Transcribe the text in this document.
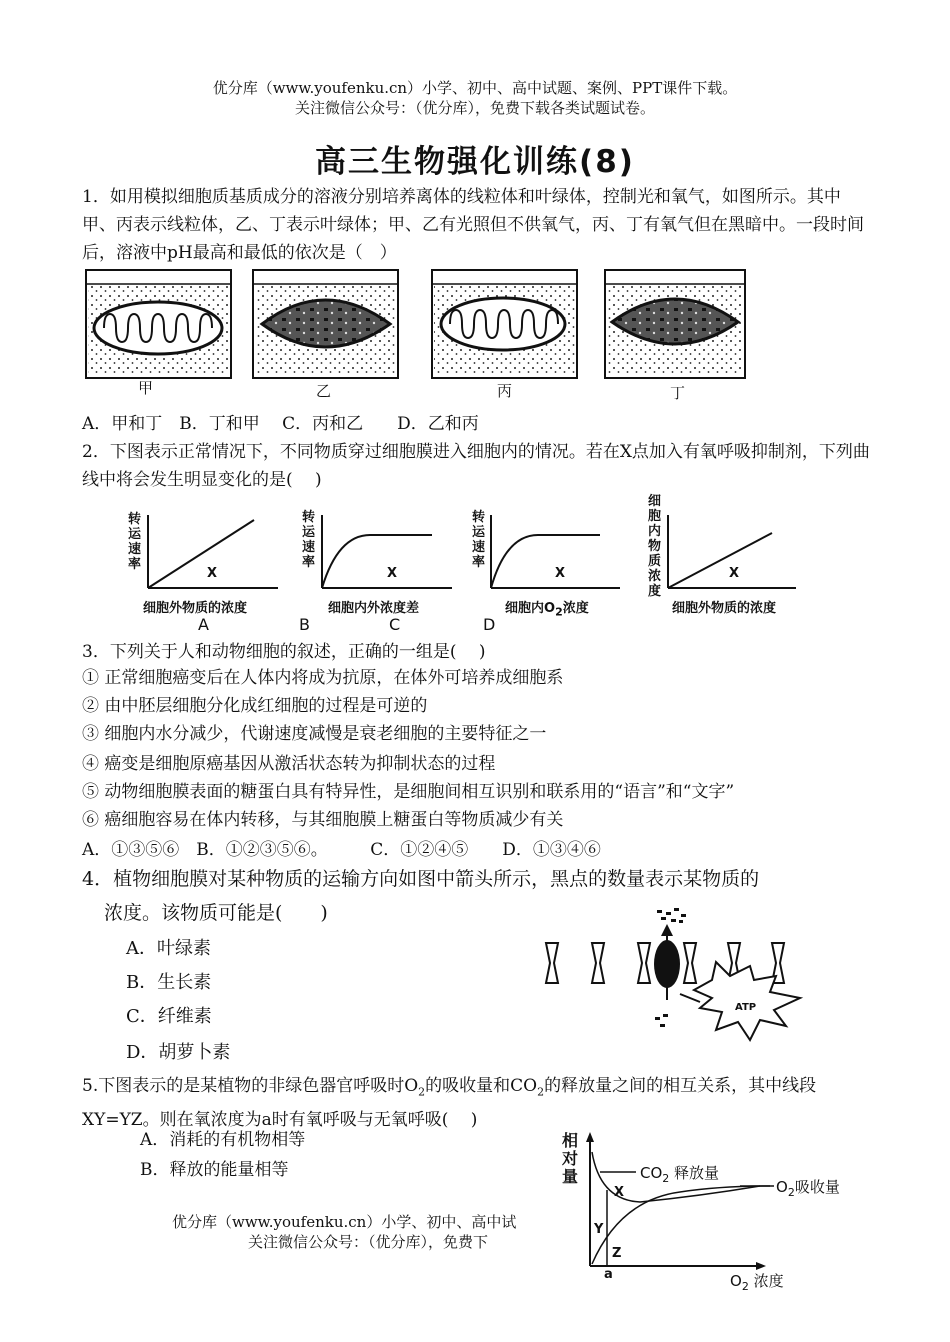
优分库（www.youfenku.cn）小学、初中、高中试题、案例、PPT课件下载。
关注微信公众号：（优分库），免费下载各类试题试卷。
高三生物强化训练(8)
1．如用模拟细胞质基质成分的溶液分别培养离体的线粒体和叶绿体，控制光和氧气，如图所示。其中甲、丙表示线粒体，乙、丁表示叶绿体；甲、乙有光照但不供氧气，丙、丁有氧气但在黑暗中。一段时间后，溶液中pH最高和最低的依次是（　）
甲	乙	丙	丁
A．甲和丁　B．丁和甲　 C．丙和乙　　D．乙和丙
2．下图表示正常情况下，不同物质穿过细胞膜进入细胞内的情况。若在X点加入有氧呼吸抑制剂，下列曲线中将会发生明显变化的是(　 )
转运速率
转运速率
转运速率
细胞内物质浓度
X	X	X	X
细胞外物质的浓度	细胞内外浓度差	细胞内$O_2$浓度	细胞外物质的浓度
A	B	C	D
3．下列关于人和动物细胞的叙述，正确的一组是(　 )
① 正常细胞癌变后在人体内将成为抗原，在体外可培养成细胞系
② 由中胚层细胞分化成红细胞的过程是可逆的
③ 细胞内水分减少，代谢速度减慢是衰老细胞的主要特征之一
④ 癌变是细胞原癌基因从激活状态转为抑制状态的过程
⑤ 动物细胞膜表面的糖蛋白具有特异性，是细胞间相互识别和联系用的“语言”和“文字”
⑥ 癌细胞容易在体内转移，与其细胞膜上糖蛋白等物质减少有关
A．①③⑤⑥　B．①②③⑤⑥。　　　C．①②④⑤　　D．①③④⑥
4．植物细胞膜对某种物质的运输方向如图中箭头所示，黑点的数量表示某物质的
浓度。该物质可能是(　　)
A．叶绿素
B．生长素
C．纤维素
D．胡萝卜素
ATP
5.下图表示的是某植物的非绿色器官呼吸时$O_2$的吸收量和$CO_2$的释放量之间的相互关系，其中线段XY=YZ。则在氧浓度为a时有氧呼吸与无氧呼吸(　 )
A．消耗的有机物相等
B．释放的能量相等
相对量	$CO_2$ 释放量
$O_2$吸收量
X
Y
Z
a	$O_2$ 浓度
优分库（www.youfenku.cn）小学、初中、高中试
关注微信公众号：（优分库），免费下
